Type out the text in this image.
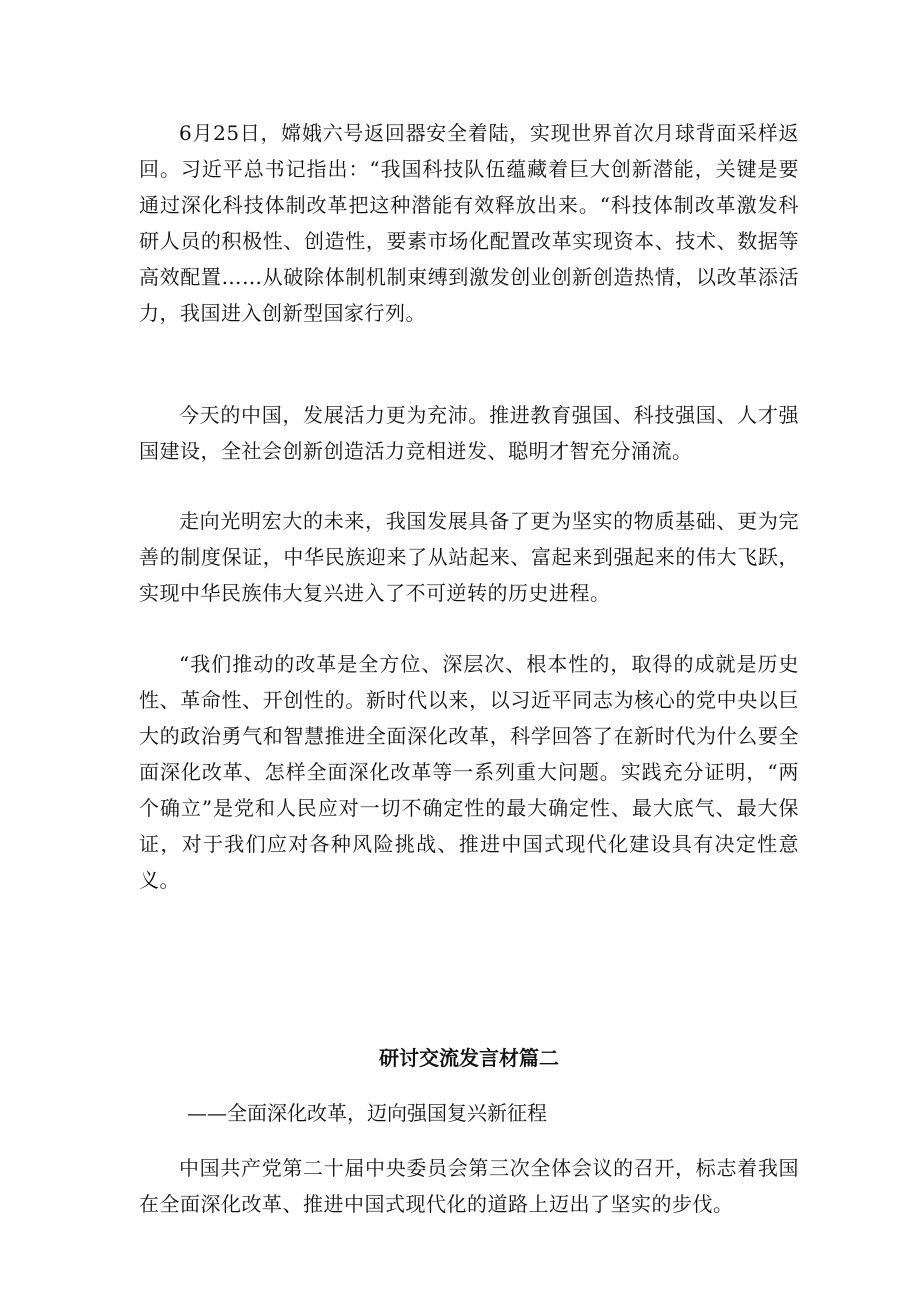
6月25日，嫦娥六号返回器安全着陆，实现世界首次月球背面采样返回。习近平总书记指出：“我国科技队伍蕴藏着巨大创新潜能，关键是要通过深化科技体制改革把这种潜能有效释放出来。“科技体制改革激发科研人员的积极性、创造性，要素市场化配置改革实现资本、技术、数据等高效配置……从破除体制机制束缚到激发创业创新创造热情，以改革添活力，我国进入创新型国家行列。

今天的中国，发展活力更为充沛。推进教育强国、科技强国、人才强国建设，全社会创新创造活力竞相迸发、聪明才智充分涌流。

走向光明宏大的未来，我国发展具备了更为坚实的物质基础、更为完善的制度保证，中华民族迎来了从站起来、富起来到强起来的伟大飞跃，实现中华民族伟大复兴进入了不可逆转的历史进程。

“我们推动的改革是全方位、深层次、根本性的，取得的成就是历史性、革命性、开创性的。新时代以来，以习近平同志为核心的党中央以巨大的政治勇气和智慧推进全面深化改革，科学回答了在新时代为什么要全面深化改革、怎样全面深化改革等一系列重大问题。实践充分证明，“两个确立”是党和人民应对一切不确定性的最大确定性、最大底气、最大保证，对于我们应对各种风险挑战、推进中国式现代化建设具有决定性意义。

研讨交流发言材篇二

——全面深化改革，迈向强国复兴新征程

中国共产党第二十届中央委员会第三次全体会议的召开，标志着我国在全面深化改革、推进中国式现代化的道路上迈出了坚实的步伐。
